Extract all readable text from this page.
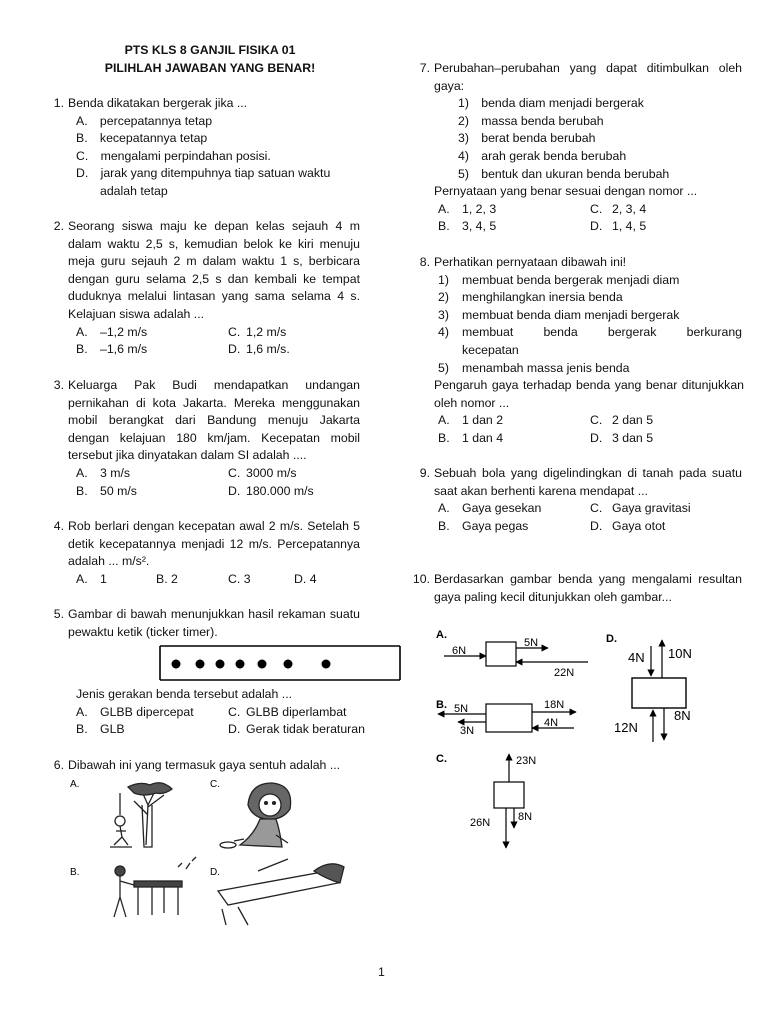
PTS KLS 8 GANJIL FISIKA 01
PILIHLAH JAWABAN YANG BENAR!
1. Benda dikatakan bergerak jika ...
A. percepatannya tetap
B. kecepatannya tetap
C. mengalami perpindahan posisi.
D. jarak yang ditempuhnya tiap satuan waktu
adalah tetap
2. Seorang siswa maju ke depan kelas sejauh 4 m dalam waktu 2,5 s, kemudian belok ke kiri menuju meja guru sejauh 2 m dalam waktu 1 s, berbicara dengan guru selama 2,5 s dan kembali ke tempat duduknya melalui lintasan yang sama selama 4 s. Kelajuan siswa adalah ...
A. –1,2 m/s	C. 1,2 m/s
B. –1,6 m/s	D. 1,6 m/s.
3. Keluarga Pak Budi mendapatkan undangan pernikahan di kota Jakarta. Mereka menggunakan mobil berangkat dari Bandung menuju Jakarta dengan kelajuan 180 km/jam. Kecepatan mobil tersebut jika dinyatakan dalam SI adalah ....
A. 3 m/s	C. 3000 m/s
B. 50 m/s	D. 180.000 m/s
4. Rob berlari dengan kecepatan awal 2 m/s. Setelah 5 detik kecepatannya menjadi 12 m/s. Percepatannya adalah ... m/s².
A. 1	B. 2	C. 3	D. 4
5. Gambar di bawah menunjukkan hasil rekaman suatu pewaktu ketik (ticker timer).
Jenis gerakan benda tersebut adalah ...
A. GLBB dipercepat	C. GLBB diperlambat
B. GLB	D. Gerak tidak beraturan
6. Dibawah ini yang termasuk gaya sentuh adalah ...
A.	C.
B.	D.
7. Perubahan–perubahan yang dapat ditimbulkan oleh gaya:
1) benda diam menjadi bergerak
2) massa benda berubah
3) berat benda berubah
4) arah gerak benda berubah
5) bentuk dan ukuran benda berubah
Pernyataan yang benar sesuai dengan nomor ...
A. 1, 2, 3	C. 2, 3, 4
B. 3, 4, 5	D. 1, 4, 5
8. Perhatikan pernyataan dibawah ini!
1) membuat benda bergerak menjadi diam
2) menghilangkan inersia benda
3) membuat benda diam menjadi bergerak
4) membuat benda bergerak berkurang
kecepatan
5) menambah massa jenis benda
Pengaruh gaya terhadap benda yang benar ditunjukkan oleh nomor ...
A. 1 dan 2	C. 2 dan 5
B. 1 dan 4	D. 3 dan 5
9. Sebuah bola yang digelindingkan di tanah pada suatu saat akan berhenti karena mendapat ...
A. Gaya gesekan	C. Gaya gravitasi
B. Gaya pegas	D. Gaya otot
10. Berdasarkan gambar benda yang mengalami resultan gaya paling kecil ditunjukkan oleh gambar...
A.
6N
5N
22N
B. 5N
3N
18N
4N
C.	23N
26N	8N
D.
4N 10N
8N
12N
1
